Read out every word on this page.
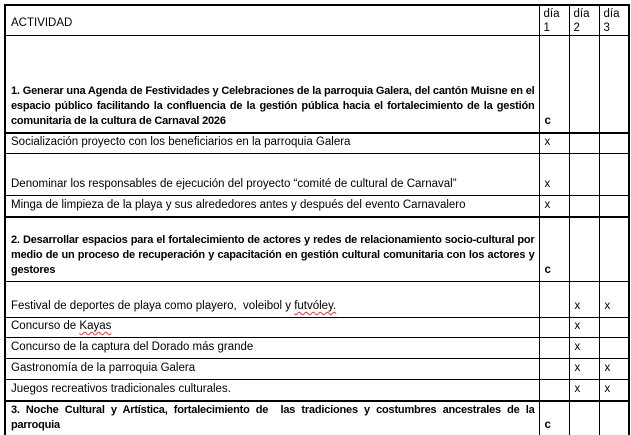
ACTIVIDAD	día 1	día 2	día 3
1. Generar una Agenda de Festividades y Celebraciones de la parroquia Galera, del cantón Muisne en el espacio público facilitando la confluencia de la gestión pública hacia el fortalecimiento de la gestión comunitaria de la cultura de Carnaval 2026	c		
Socialización proyecto con los beneficiarios en la parroquia Galera	x		
Denominar los responsables de ejecución del proyecto “comité de cultural de Carnaval”	x		
Minga de limpieza de la playa y sus alrededores antes y después del evento Carnavalero	x		
2. Desarrollar espacios para el fortalecimiento de actores y redes de relacionamiento socio-cultural por medio de un proceso de recuperación y capacitación en gestión cultural comunitaria con los actores y gestores	c		
Festival de deportes de playa como playero,  voleibol y futvóley.		x	x
Concurso de Kayas		x	
Concurso de la captura del Dorado más grande		x	
Gastronomía de la parroquia Galera		x	x
Juegos recreativos tradicionales culturales.		x	x
3. Noche Cultural y Artística, fortalecimiento de  las tradiciones y costumbres ancestrales de la parroquia	c		
